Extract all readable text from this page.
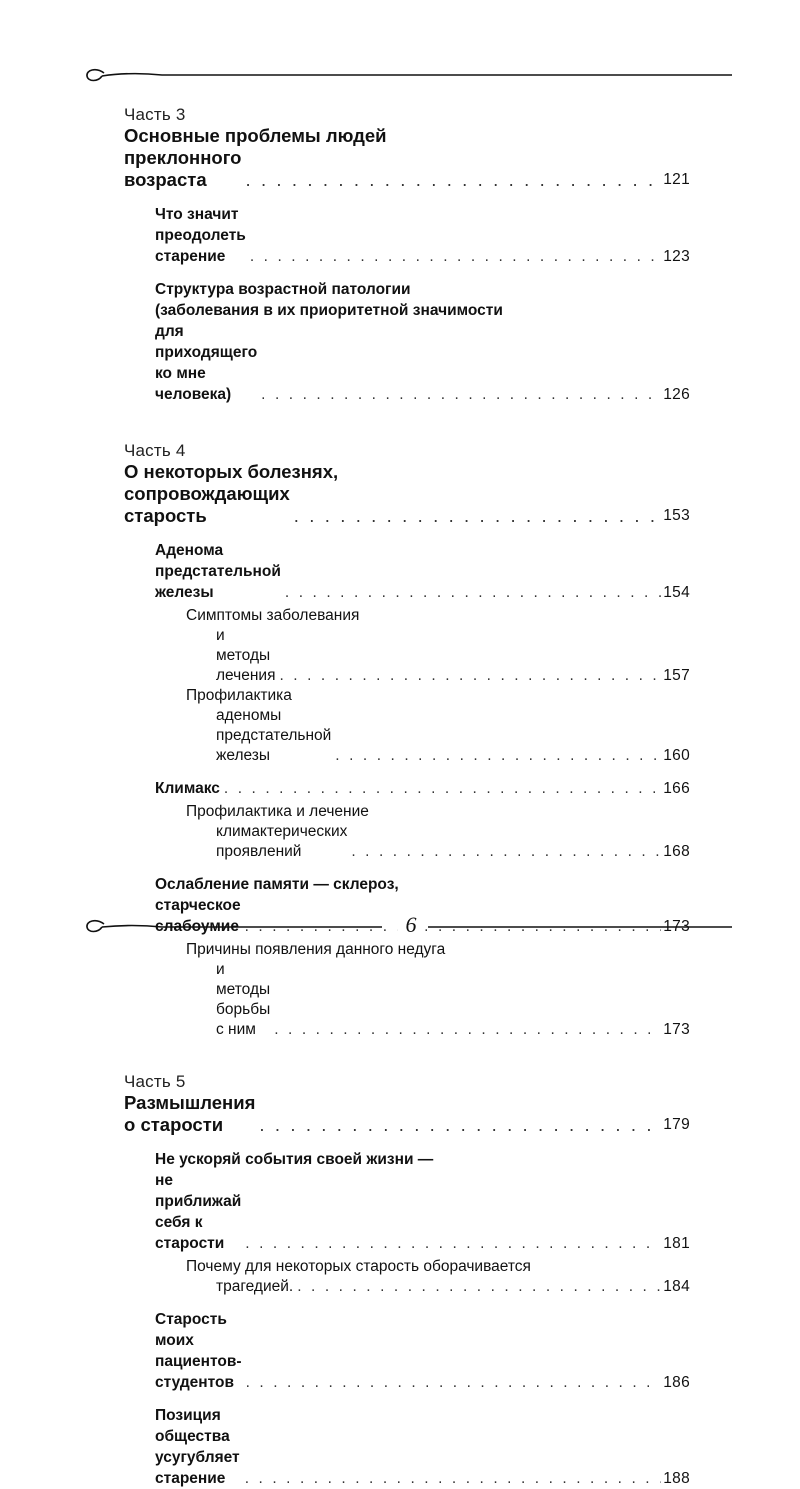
Часть 3
Основные проблемы людей
преклонного возраста . . .	121
Что значит преодолеть старение . . .	123
Структура возрастной патологии
(заболевания в их приоритетной значимости
для приходящего ко мне человека) . . .	126
Часть 4
О некоторых болезнях,
сопровождающих старость . . .	153
Аденома предстательной железы . . .	154
Симптомы заболевания
и методы лечения . . .	157
Профилактика
аденомы предстательной железы . . .	160
Климакс . . .	166
Профилактика и лечение
климактерических проявлений . . .	168
Ослабление памяти — склероз,
старческое слабоумие . . .	173
Причины появления данного недуга
и методы борьбы с ним . . .	173
Часть 5
Размышления о старости . . .	179
Не ускоряй события своей жизни —
не приближай себя к старости . . .	181
Почему для некоторых старость оборачивается
трагедией. . . .	184
Старость моих пациентов-студентов . . .	186
Позиция общества усугубляет старение . . .	188
6
